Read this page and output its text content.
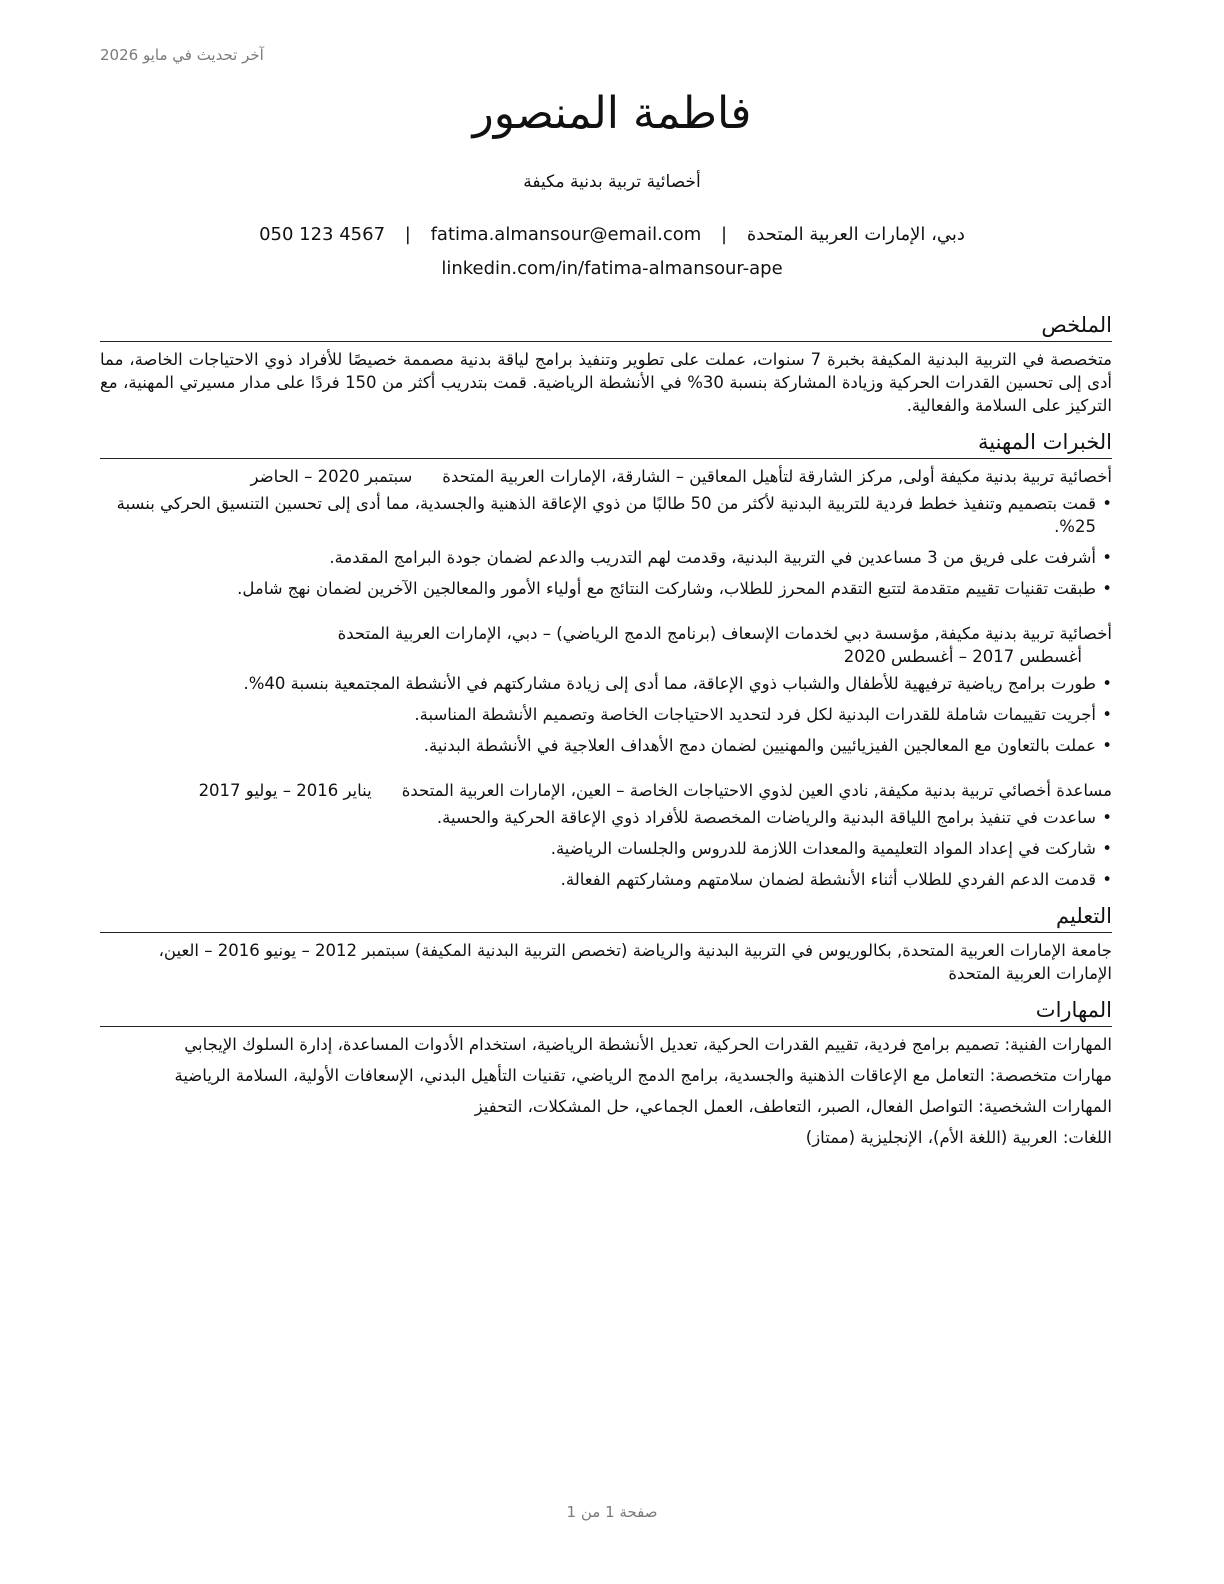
آخر تحديث في مايو 2026
فاطمة المنصور
أخصائية تربية بدنية مكيفة
دبي، الإمارات العربية المتحدة | fatima.almansour@email.com | 050 123 4567
linkedin.com/in/fatima-almansour-ape
الملخص

متخصصة في التربية البدنية المكيفة بخبرة 7 سنوات، عملت على تطوير وتنفيذ برامج لياقة بدنية مصممة خصيصًا للأفراد ذوي الاحتياجات الخاصة، مما أدى إلى تحسين القدرات الحركية وزيادة المشاركة بنسبة 30% في الأنشطة الرياضية. قمت بتدريب أكثر من 150 فردًا على مدار مسيرتي المهنية، مع التركيز على السلامة والفعالية.

الخبرات المهنية
أخصائية تربية بدنية مكيفة أولى, مركز الشارقة لتأهيل المعاقين – الشارقة، الإمارات العربية المتحدة
سبتمبر 2020 – الحاضر
• قمت بتصميم وتنفيذ خطط فردية للتربية البدنية لأكثر من 50 طالبًا من ذوي الإعاقة الذهنية والجسدية، مما أدى إلى تحسين التنسيق الحركي بنسبة 25%.
• أشرفت على فريق من 3 مساعدين في التربية البدنية، وقدمت لهم التدريب والدعم لضمان جودة البرامج المقدمة.
• طبقت تقنيات تقييم متقدمة لتتبع التقدم المحرز للطلاب، وشاركت النتائج مع أولياء الأمور والمعالجين الآخرين لضمان نهج شامل.
أخصائية تربية بدنية مكيفة, مؤسسة دبي لخدمات الإسعاف (برنامج الدمج الرياضي) – دبي، الإمارات العربية المتحدة
أغسطس 2017 – أغسطس 2020
• طورت برامج رياضية ترفيهية للأطفال والشباب ذوي الإعاقة، مما أدى إلى زيادة مشاركتهم في الأنشطة المجتمعية بنسبة 40%.
• أجريت تقييمات شاملة للقدرات البدنية لكل فرد لتحديد الاحتياجات الخاصة وتصميم الأنشطة المناسبة.
• عملت بالتعاون مع المعالجين الفيزيائيين والمهنيين لضمان دمج الأهداف العلاجية في الأنشطة البدنية.
مساعدة أخصائي تربية بدنية مكيفة, نادي العين لذوي الاحتياجات الخاصة – العين، الإمارات العربية المتحدة
يناير 2016 – يوليو 2017
• ساعدت في تنفيذ برامج اللياقة البدنية والرياضات المخصصة للأفراد ذوي الإعاقة الحركية والحسية.
• شاركت في إعداد المواد التعليمية والمعدات اللازمة للدروس والجلسات الرياضية.
• قدمت الدعم الفردي للطلاب أثناء الأنشطة لضمان سلامتهم ومشاركتهم الفعالة.
التعليم

جامعة الإمارات العربية المتحدة, بكالوريوس في التربية البدنية والرياضة (تخصص التربية البدنية المكيفة) سبتمبر 2012 – يونيو 2016 – العين، الإمارات العربية المتحدة

المهارات

المهارات الفنية: تصميم برامج فردية، تقييم القدرات الحركية، تعديل الأنشطة الرياضية، استخدام الأدوات المساعدة، إدارة السلوك الإيجابي

مهارات متخصصة: التعامل مع الإعاقات الذهنية والجسدية، برامج الدمج الرياضي، تقنيات التأهيل البدني، الإسعافات الأولية، السلامة الرياضية

المهارات الشخصية: التواصل الفعال، الصبر، التعاطف، العمل الجماعي، حل المشكلات، التحفيز

اللغات: العربية (اللغة الأم)، الإنجليزية (ممتاز)

صفحة 1 من 1
